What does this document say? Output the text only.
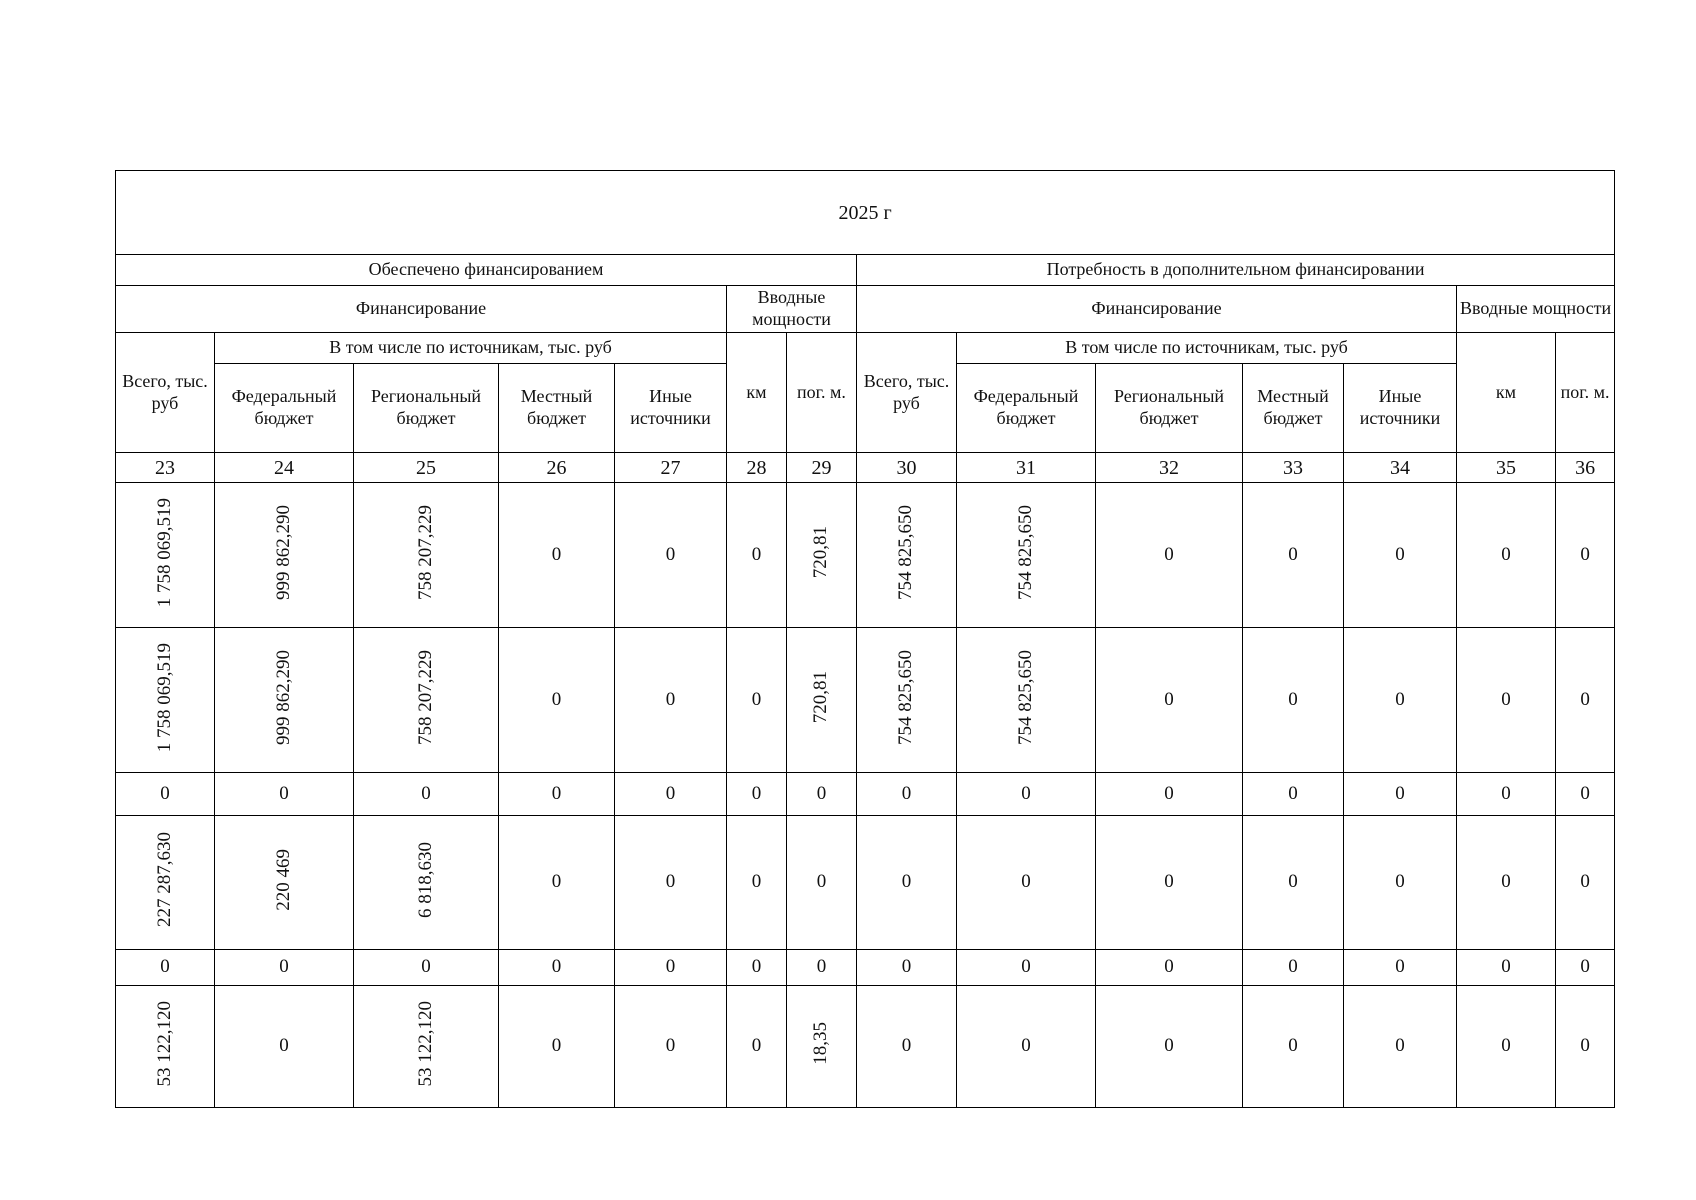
2025 г													
Обеспечено финансированием							Потребность в дополнительном финансировании						
Финансирование					Вводные мощности		Финансирование					Вводные мощности	
Всего, тыс. руб	В том числе по источникам, тыс. руб				км	пог. м.	Всего, тыс. руб	В том числе по источникам, тыс. руб				км	пог. м.
	Федеральный бюджет	Региональный бюджет	Местный бюджет	Иные источники				Федеральный бюджет	Региональный бюджет	Местный бюджет	Иные источники		
23	24	25	26	27	28	29	30	31	32	33	34	35	36
1 758 069,519	999 862,290	758 207,229	0	0	0	720,81	754 825,650	754 825,650	0	0	0	0	0
1 758 069,519	999 862,290	758 207,229	0	0	0	720,81	754 825,650	754 825,650	0	0	0	0	0
0	0	0	0	0	0	0	0	0	0	0	0	0	0
227 287,630	220 469	6 818,630	0	0	0	0	0	0	0	0	0	0	0
0	0	0	0	0	0	0	0	0	0	0	0	0	0
53 122,120	0	53 122,120	0	0	0	18,35	0	0	0	0	0	0	0
